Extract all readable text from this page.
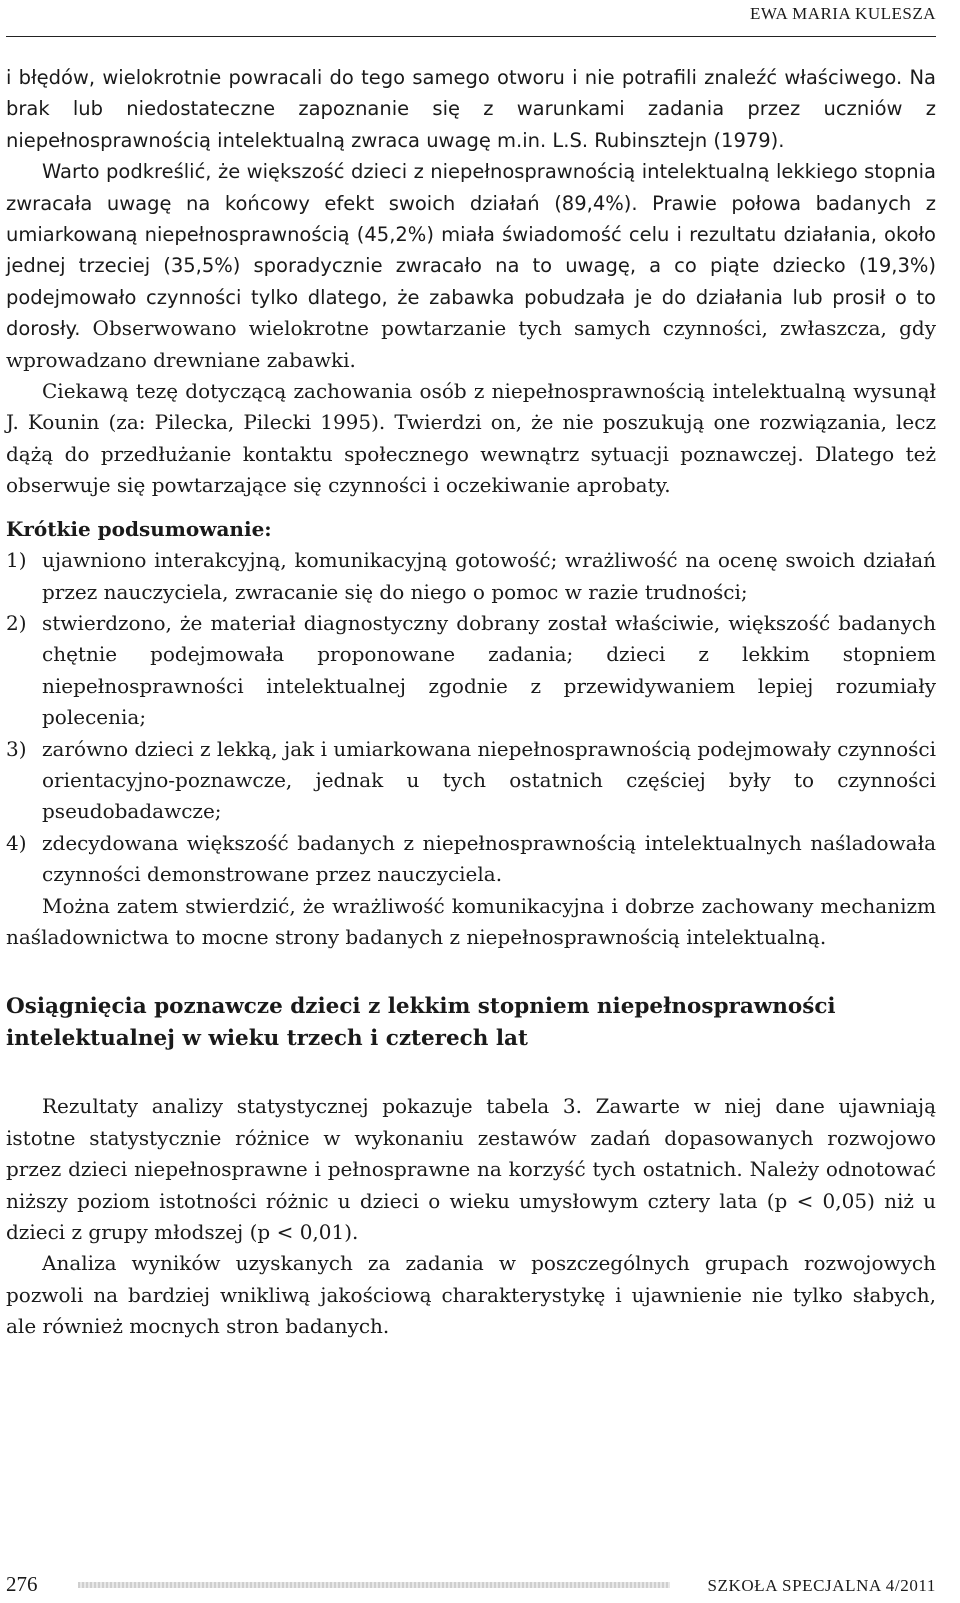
EWA MARIA KULESZA

i błędów, wielokrotnie powracali do tego samego otworu i nie potrafili znaleźć właściwego. Na brak lub niedostateczne zapoznanie się z warunkami zadania przez uczniów z niepełnosprawnością intelektualną zwraca uwagę m.in. L.S. Rubinsztejn (1979).

Warto podkreślić, że większość dzieci z niepełnosprawnością intelektualną lekkiego stopnia zwracała uwagę na końcowy efekt swoich działań (89,4%). Prawie połowa badanych z umiarkowaną niepełnosprawnością (45,2%) miała świadomość celu i rezultatu działania, około jednej trzeciej (35,5%) sporadycznie zwracało na to uwagę, a co piąte dziecko (19,3%) podejmowało czynności tylko dlatego, że zabawka pobudzała je do działania lub prosił o to dorosły. Obserwowano wielokrotne powtarzanie tych samych czynności, zwłaszcza, gdy wprowadzano drewniane zabawki.

Ciekawą tezę dotyczącą zachowania osób z niepełnosprawnością intelektualną wysunął J. Kounin (za: Pilecka, Pilecki 1995). Twierdzi on, że nie poszukują one rozwiązania, lecz dążą do przedłużanie kontaktu społecznego wewnątrz sytuacji poznawczej. Dlatego też obserwuje się powtarzające się czynności i oczekiwanie aprobaty.

Krótkie podsumowanie:

1) ujawniono interakcyjną, komunikacyjną gotowość; wrażliwość na ocenę swoich działań przez nauczyciela, zwracanie się do niego o pomoc w razie trudności;
2) stwierdzono, że materiał diagnostyczny dobrany został właściwie, większość badanych chętnie podejmowała proponowane zadania; dzieci z lekkim stopniem niepełnosprawności intelektualnej zgodnie z przewidywaniem lepiej rozumiały polecenia;
3) zarówno dzieci z lekką, jak i umiarkowana niepełnosprawnością podejmowały czynności orientacyjno-poznawcze, jednak u tych ostatnich częściej były to czynności pseudobadawcze;
4) zdecydowana większość badanych z niepełnosprawnością intelektualnych naśladowała czynności demonstrowane przez nauczyciela.

Można zatem stwierdzić, że wrażliwość komunikacyjna i dobrze zachowany mechanizm naśladownictwa to mocne strony badanych z niepełnosprawnością intelektualną.

Osiągnięcia poznawcze dzieci z lekkim stopniem niepełnosprawności intelektualnej w wieku trzech i czterech lat

Rezultaty analizy statystycznej pokazuje tabela 3. Zawarte w niej dane ujawniają istotne statystycznie różnice w wykonaniu zestawów zadań dopasowanych rozwojowo przez dzieci niepełnosprawne i pełnosprawne na korzyść tych ostatnich. Należy odnotować niższy poziom istotności różnic u dzieci o wieku umysłowym cztery lata (p < 0,05) niż u dzieci z grupy młodszej (p < 0,01).

Analiza wyników uzyskanych za zadania w poszczególnych grupach rozwojowych pozwoli na bardziej wnikliwą jakościową charakterystykę i ujawnienie nie tylko słabych, ale również mocnych stron badanych.

276	SZKOŁA SPECJALNA 4/2011
